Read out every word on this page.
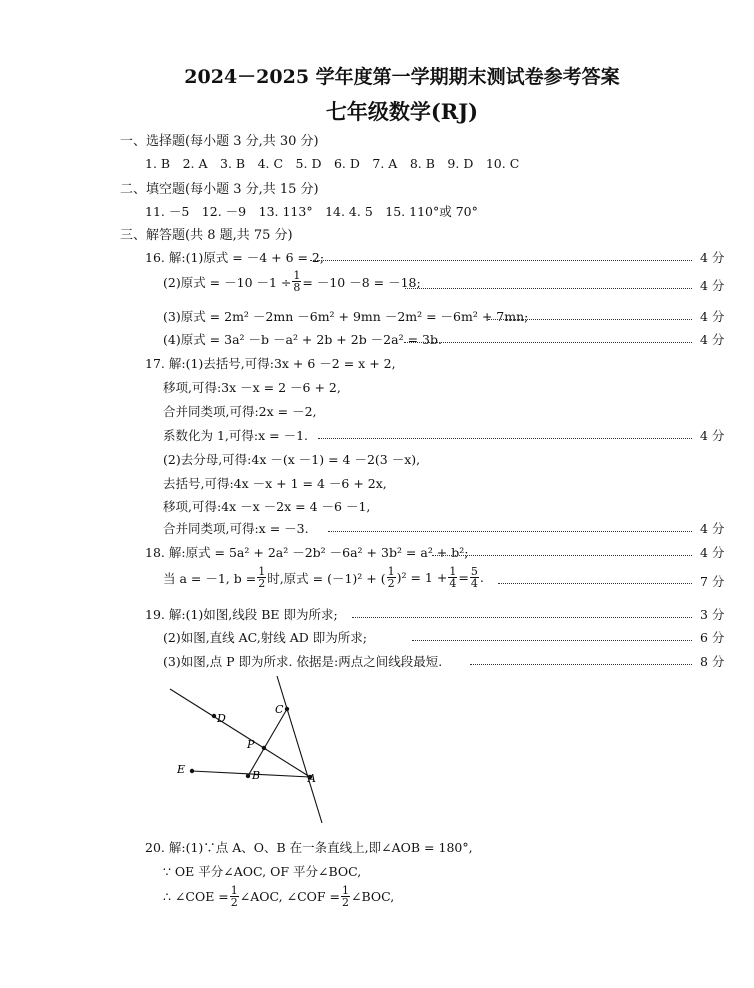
2024－2025 学年度第一学期期末测试卷参考答案
七年级数学(RJ)
一、选择题(每小题 3 分,共 30 分)
1. B　2. A　3. B　4. C　5. D　6. D　7. A　8. B　9. D　10. C
二、填空题(每小题 3 分,共 15 分)
11. －5　12. －9　13. 113°　14. 4. 5　15. 110°或 70°
三、解答题(共 8 题,共 75 分)
16. 解:(1)原式 = －4 + 6 = 2;	4 分
(2)原式 = $-10 -1 \div \frac{1}{8} = -10 -8 = -18$;	4 分
(3)原式 = 2m² －2mn －6m² + 9mn －2m² = －6m² + 7mn;	4 分
(4)原式 = 3a² －b －a² + 2b + 2b －2a² = 3b.	4 分
17. 解:(1)去括号,可得:3x + 6 －2 = x + 2,
移项,可得:3x －x = 2 －6 + 2,
合并同类项,可得:2x = －2,
系数化为 1,可得:x = －1.	4 分
(2)去分母,可得:4x －(x －1) = 4 －2(3 －x),
去括号,可得:4x －x + 1 = 4 －6 + 2x,
移项,可得:4x －x －2x = 4 －6 －1,
合并同类项,可得:x = －3.	4 分
18. 解:原式 = 5a² + 2a² －2b² －6a² + 3b² = a² + b²;	4 分
当 a = －1, $b = \frac{1}{2}$ 时,原式 = (－1)² + ( $\frac{1}{2} )^2 = 1 + \frac{1}{4} = \frac{5}{4}$ .	7 分
19. 解:(1)如图,线段 BE 即为所求;	3 分
(2)如图,直线 AC,射线 AD 即为所求;	6 分
(3)如图,点 P 即为所求. 依据是:两点之间线段最短.	8 分
D
C
P
E	B	A
20. 解:(1)∵点 A、O、B 在一条直线上,即∠AOB = 180°,
∵ OE 平分∠AOC, OF 平分∠BOC,
∴ ∠COE = $\frac{1}{2}$ ∠AOC, ∠COF = $\frac{1}{2}$ ∠BOC,
